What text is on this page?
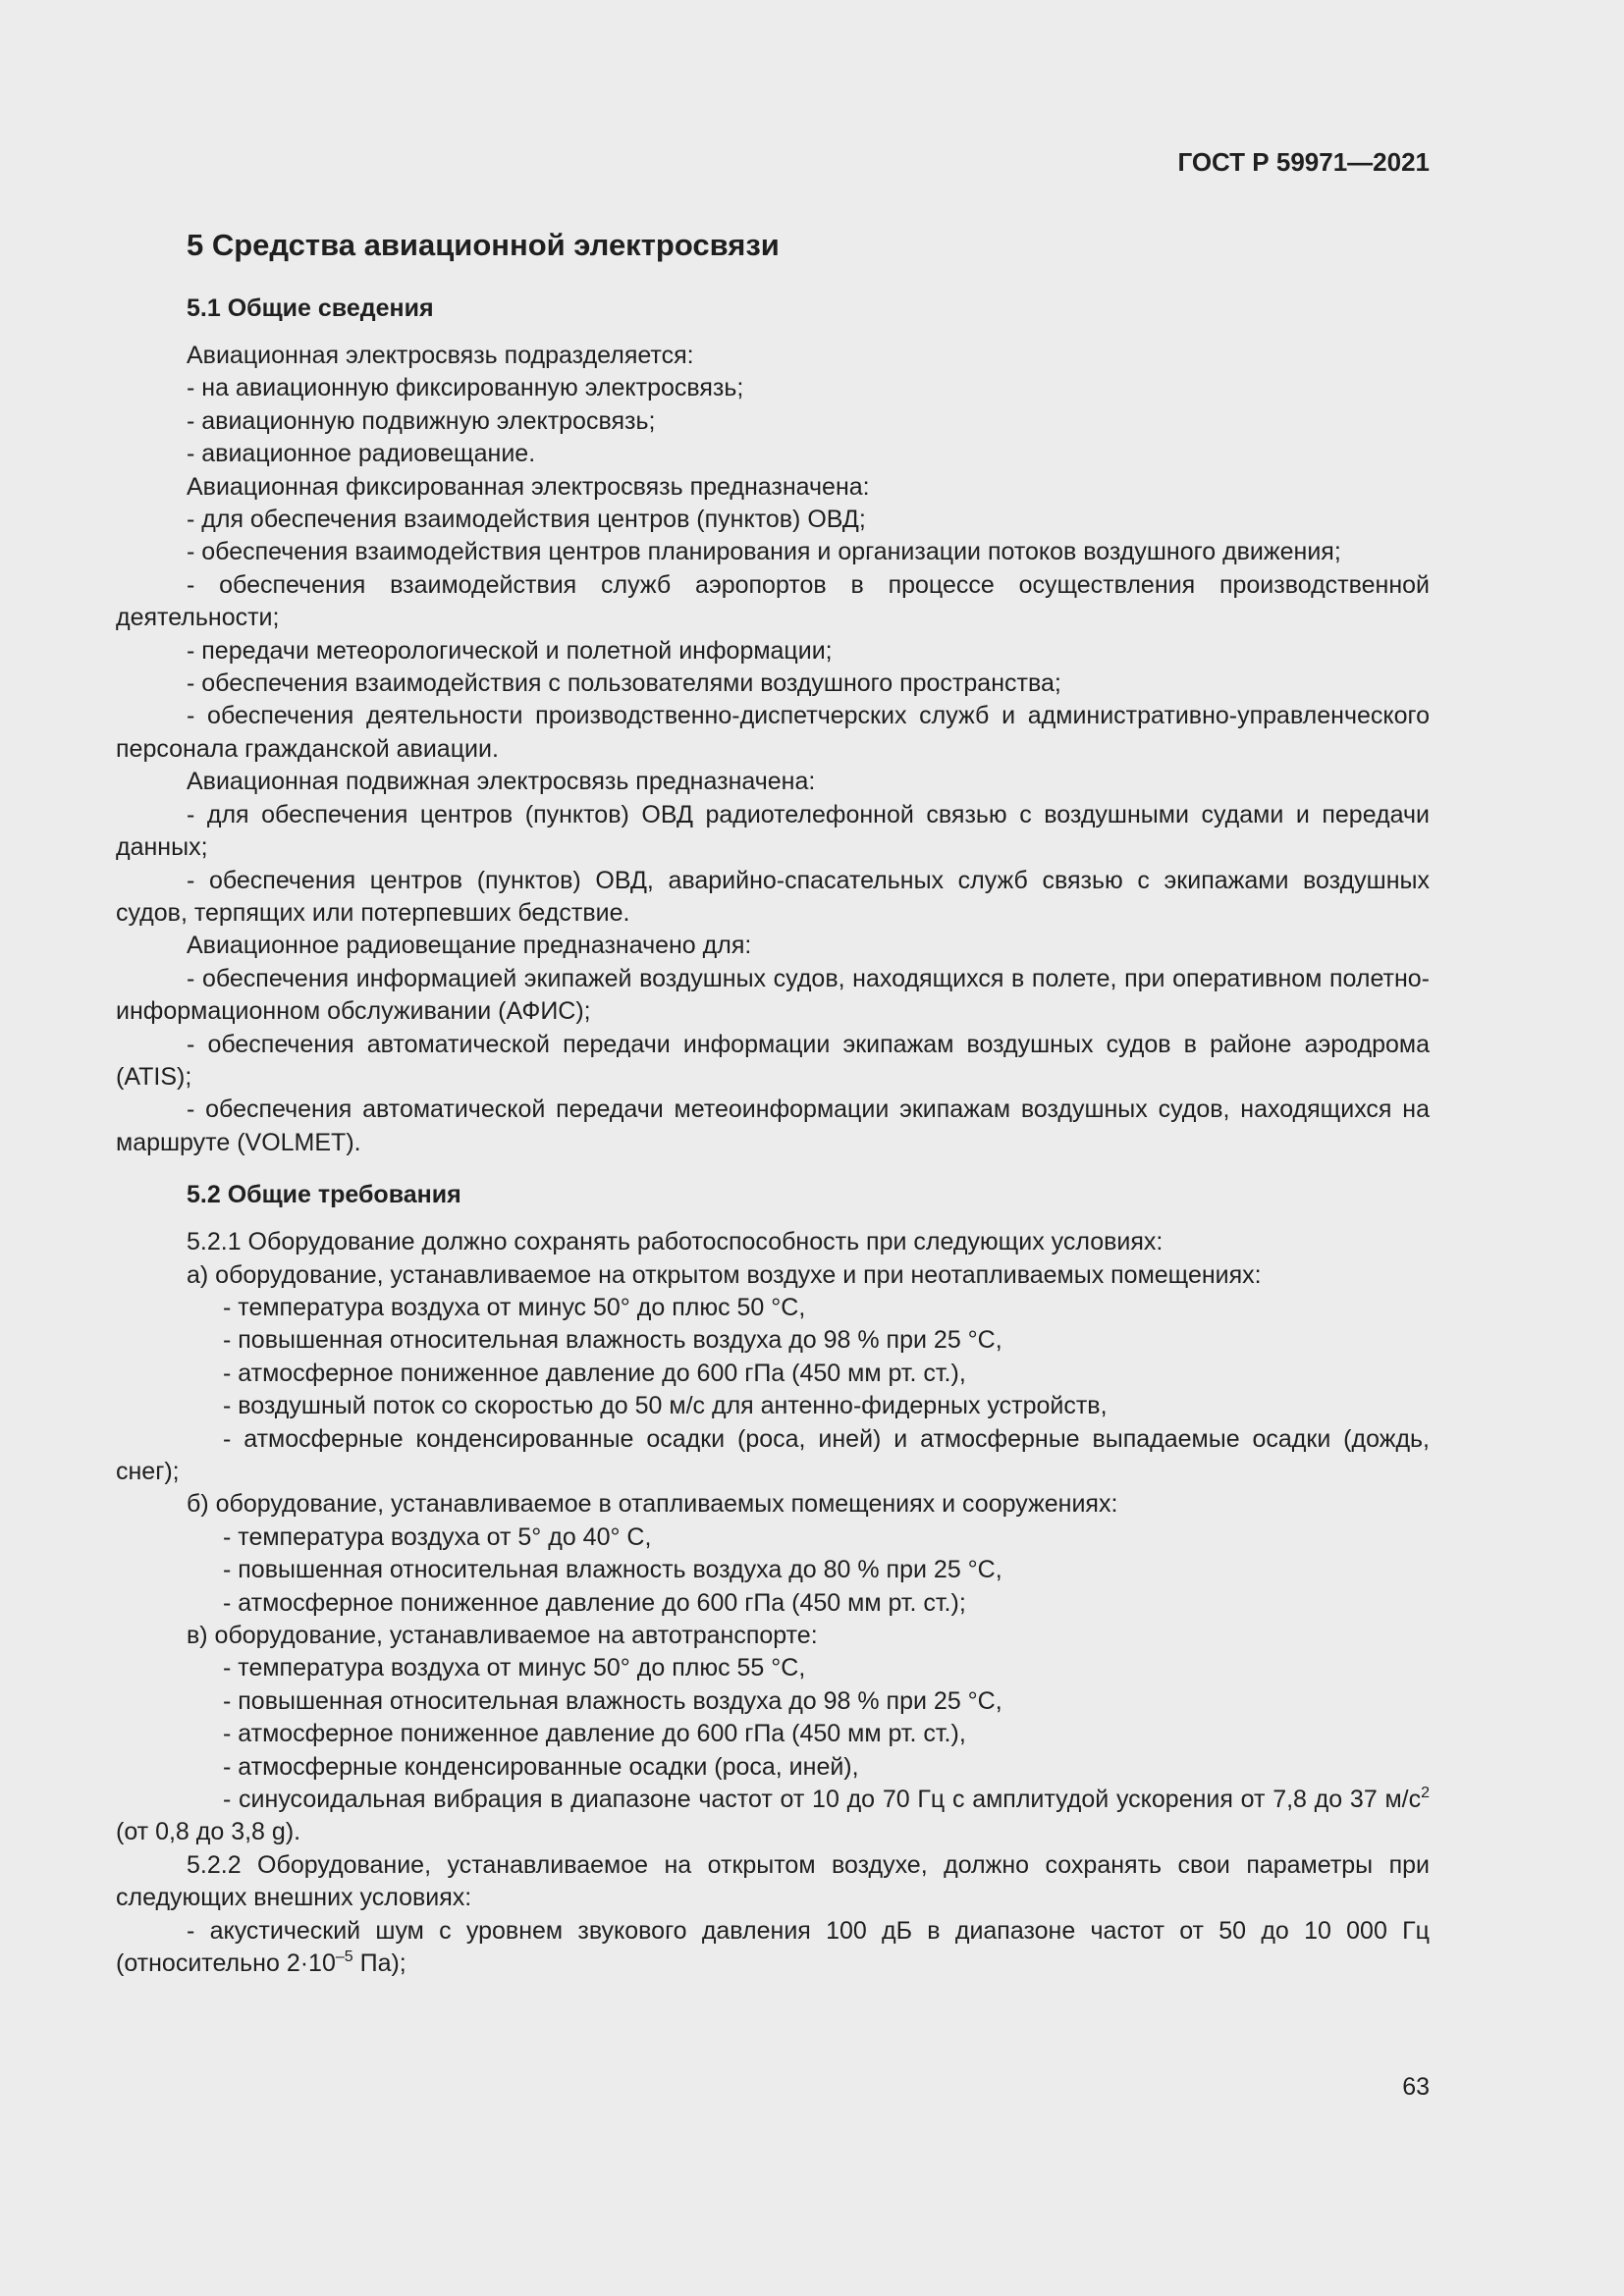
ГОСТ Р 59971—2021
5 Средства авиационной электросвязи
5.1 Общие сведения

Авиационная электросвязь подразделяется:

- на авиационную фиксированную электросвязь;

- авиационную подвижную электросвязь;

- авиационное радиовещание.

Авиационная фиксированная электросвязь предназначена:

- для обеспечения взаимодействия центров (пунктов) ОВД;

- обеспечения взаимодействия центров планирования и организации потоков воздушного движения;

- обеспечения взаимодействия служб аэропортов в процессе осуществления производственной деятельности;

- передачи метеорологической и полетной информации;

- обеспечения взаимодействия с пользователями воздушного пространства;

- обеспечения деятельности производственно-диспетчерских служб и административно-управленческого персонала гражданской авиации.

Авиационная подвижная электросвязь предназначена:

- для обеспечения центров (пунктов) ОВД радиотелефонной связью с воздушными судами и передачи данных;

- обеспечения центров (пунктов) ОВД, аварийно-спасательных служб связью с экипажами воздушных судов, терпящих или потерпевших бедствие.

Авиационное радиовещание предназначено для:

- обеспечения информацией экипажей воздушных судов, находящихся в полете, при оперативном полетно-информационном обслуживании (АФИС);

- обеспечения автоматической передачи информации экипажам воздушных судов в районе аэродрома (ATIS);

- обеспечения автоматической передачи метеоинформации экипажам воздушных судов, находящихся на маршруте (VOLMET).

5.2 Общие требования

5.2.1 Оборудование должно сохранять работоспособность при следующих условиях:

а) оборудование, устанавливаемое на открытом воздухе и при неотапливаемых помещениях:

- температура воздуха от минус 50° до плюс 50 °С,

- повышенная относительная влажность воздуха до 98 % при 25 °С,

- атмосферное пониженное давление до 600 гПа (450 мм рт. ст.),

- воздушный поток со скоростью до 50 м/с для антенно-фидерных устройств,

- атмосферные конденсированные осадки (роса, иней) и атмосферные выпадаемые осадки (дождь, снег);

б) оборудование, устанавливаемое в отапливаемых помещениях и сооружениях:

- температура воздуха от 5° до 40° С,

- повышенная относительная влажность воздуха до 80 % при 25 °С,

- атмосферное пониженное давление до 600 гПа (450 мм рт. ст.);

в) оборудование, устанавливаемое на автотранспорте:

- температура воздуха от минус 50° до плюс 55 °С,

- повышенная относительная влажность воздуха до 98 % при 25 °С,

- атмосферное пониженное давление до 600 гПа (450 мм рт. ст.),

- атмосферные конденсированные осадки (роса, иней),

- синусоидальная вибрация в диапазоне частот от 10 до 70 Гц с амплитудой ускорения от 7,8 до 37 $м/с^2$ (от 0,8 до 3,8 g).

5.2.2 Оборудование, устанавливаемое на открытом воздухе, должно сохранять свои параметры при следующих внешних условиях:

- акустический шум с уровнем звукового давления 100 дБ в диапазоне частот от 50 до 10 000 Гц (относительно $2\cdot 10^{-5}$ Па);

63
